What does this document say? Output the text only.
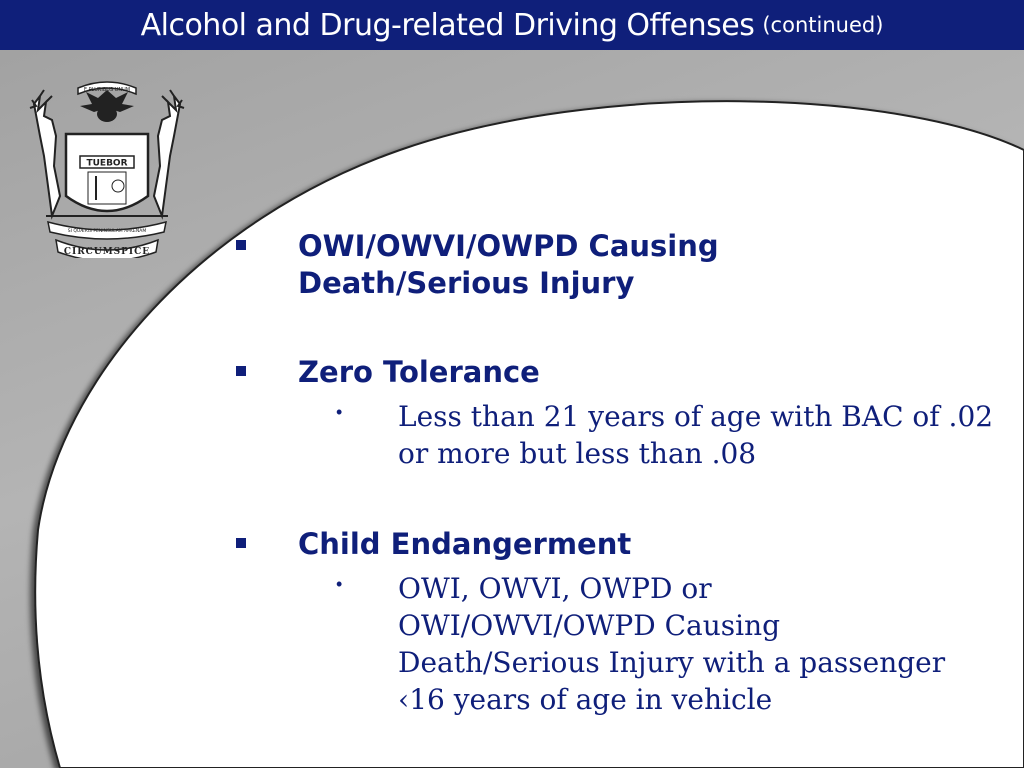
Alcohol and Drug-related Driving Offenses (continued)
E PLURIBUS UNUM
TUEBOR
SI QUÆRIS PENINSULAM AMŒNAM
CIRCUMSPICE	OWI/OWVI/OWPD Causing
Death/Serious Injury
Zero Tolerance
• Less than 21 years of age with BAC of .02
or more but less than .08
Child Endangerment
• OWI, OWVI, OWPD or
OWI/OWVI/OWPD Causing
Death/Serious Injury with a passenger
‹16 years of age in vehicle
